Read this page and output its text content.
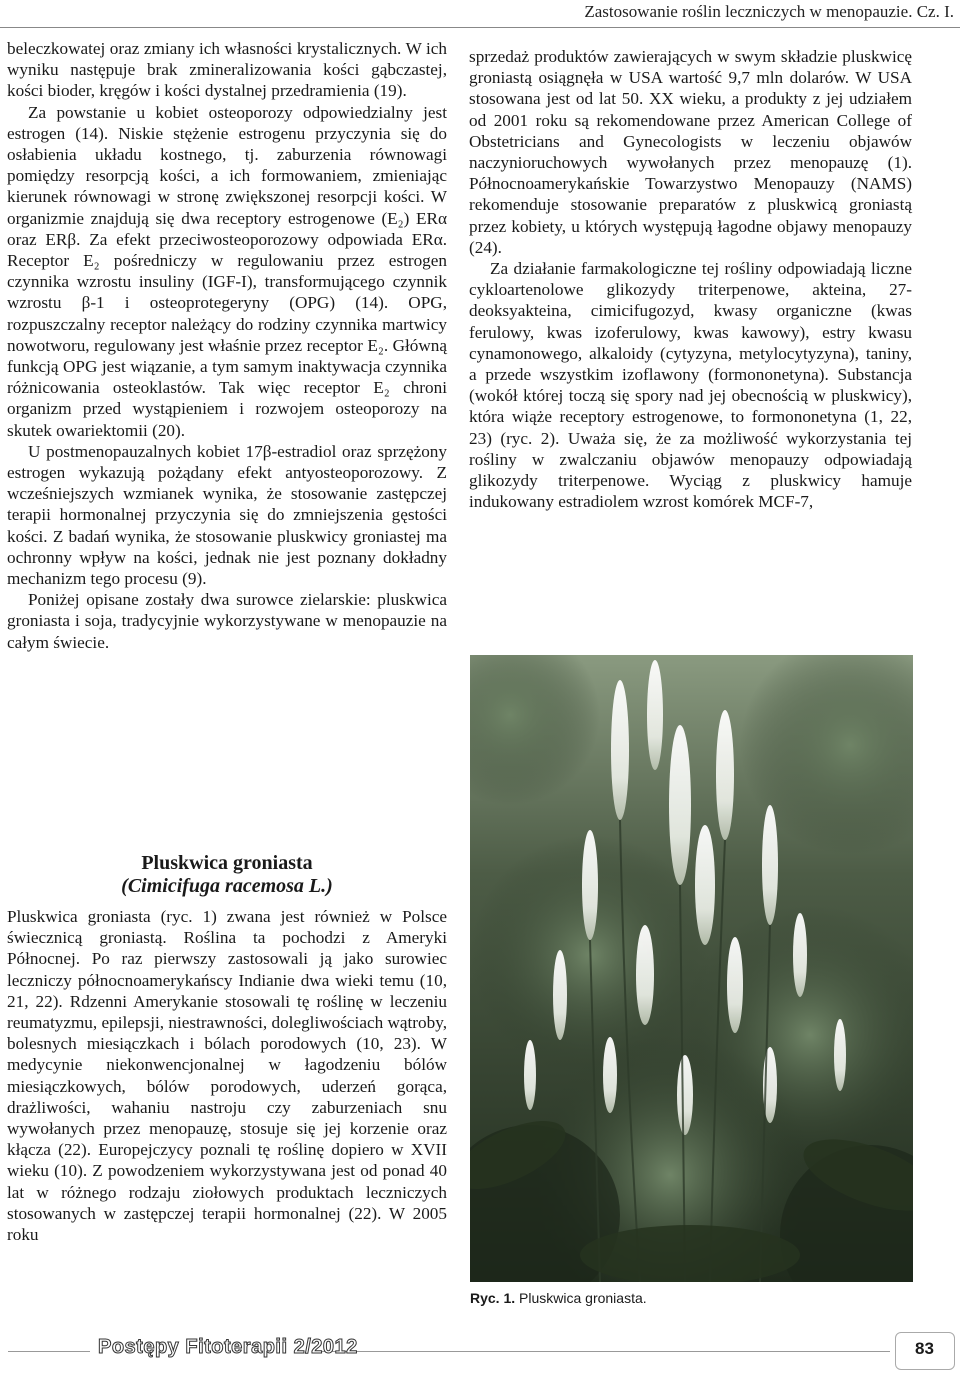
Zastosowanie roślin leczniczych w menopauzie. Cz. I.

beleczkowatej oraz zmiany ich własności krystalicznych. W ich wyniku następuje brak zmineralizowania kości gąbczastej, kości bioder, kręgów i kości dystalnej przedramienia (19).

Za powstanie u kobiet osteoporozy odpowiedzialny jest estrogen (14). Niskie stężenie estrogenu przyczynia się do osłabienia układu kostnego, tj. zaburzenia równowagi pomiędzy resorpcją kości, a ich formowaniem, zmieniając kierunek równowagi w stronę zwiększonej resorpcji kości. W organizmie znajdują się dwa receptory estrogenowe (E₂) ERα oraz ERβ. Za efekt przeciwosteoporozowy odpowiada ERα. Receptor E₂ pośredniczy w regulowaniu przez estrogen czynnika wzrostu insuliny (IGF-I), transformującego czynnik wzrostu β-1 i osteoprotegeryny (OPG) (14). OPG, rozpuszczalny receptor należący do rodziny czynnika martwicy nowotworu, regulowany jest właśnie przez receptor E₂. Główną funkcją OPG jest wiązanie, a tym samym inaktywacja czynnika różnicowania osteoklastów. Tak więc receptor E₂ chroni organizm przed wystąpieniem i rozwojem osteoporozy na skutek owariektomii (20).

U postmenopauzalnych kobiet 17β-estradiol oraz sprzężony estrogen wykazują pożądany efekt antyosteoporozowy. Z wcześniejszych wzmianek wynika, że stosowanie zastępczej terapii hormonalnej przyczynia się do zmniejszenia gęstości kości. Z badań wynika, że stosowanie pluskwicy groniastej ma ochronny wpływ na kości, jednak nie jest poznany dokładny mechanizm tego procesu (9).

Poniżej opisane zostały dwa surowce zielarskie: pluskwica groniasta i soja, tradycyjnie wykorzystywane w menopauzie na całym świecie.

Pluskwica groniasta
(Cimicifuga racemosa L.)

Pluskwica groniasta (ryc. 1) zwana jest również w Polsce świecznicą groniastą. Roślina ta pochodzi z Ameryki Północnej. Po raz pierwszy zastosowali ją jako surowiec leczniczy północnoamerykańscy Indianie dwa wieki temu (10, 21, 22). Rdzenni Amerykanie stosowali tę roślinę w leczeniu reumatyzmu, epilepsji, niestrawności, dolegliwościach wątroby, bolesnych miesiączkach i bólach porodowych (10, 23). W medycynie niekonwencjonalnej w łagodzeniu bólów miesiączkowych, bólów porodowych, uderzeń gorąca, drażliwości, wahaniu nastroju czy zaburzeniach snu wywołanych przez menopauzę, stosuje się jej korzenie oraz kłącza (22). Europejczycy poznali tę roślinę dopiero w XVII wieku (10). Z powodzeniem wykorzystywana jest od ponad 40 lat w różnego rodzaju ziołowych produktach leczniczych stosowanych w zastępczej terapii hormonalnej (22). W 2005 roku

sprzedaż produktów zawierających w swym składzie pluskwicę groniastą osiągnęła w USA wartość 9,7 mln dolarów. W USA stosowana jest od lat 50. XX wieku, a produkty z jej udziałem od 2001 roku są rekomendowane przez American College of Obstetricians and Gynecologists w leczeniu objawów naczynioruchowych wywołanych przez menopauzę (1). Północnoamerykańskie Towarzystwo Menopauzy (NAMS) rekomenduje stosowanie preparatów z pluskwicą groniastą przez kobiety, u których występują łagodne objawy menopauzy (24).

Za działanie farmakologiczne tej rośliny odpowiadają liczne cykloartenolowe glikozydy triterpenowe, akteina, 27-deoksyakteina, cimicifugozyd, kwasy organiczne (kwas ferulowy, kwas izoferulowy, kwas kawowy), estry kwasu cynamonowego, alkaloidy (cytyzyna, metylocytyzyna), taniny, a przede wszystkim izoflawony (formononetyna). Substancja (wokół której toczą się spory nad jej obecnością w pluskwicy), która wiąże receptory estrogenowe, to formononetyna (1, 22, 23) (ryc. 2). Uważa się, że za możliwość wykorzystania tej rośliny w zwalczaniu objawów menopauzy odpowiadają glikozydy triterpenowe. Wyciąg z pluskwicy hamuje indukowany estradiolem wzrost komórek MCF-7,

Ryc. 1. Pluskwica groniasta.
Postępy Fitoterapii 2/2012	83
